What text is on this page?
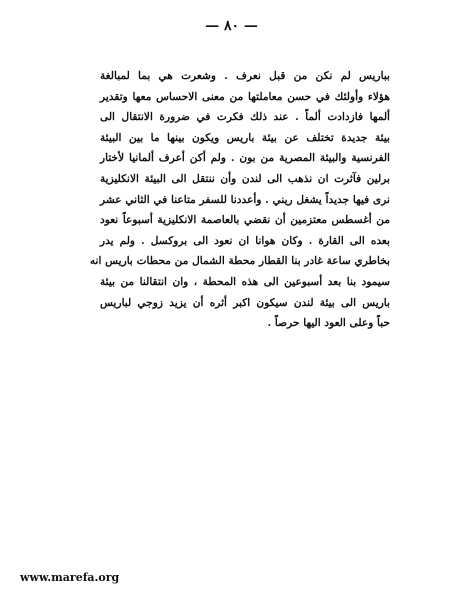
— ٨٠ —
بباريس لم نكن من قبل نعرف . وشعرت هي بما لمبالغة
هؤلاء وأولئك في حسن معاملتها من معنى الاحساس معها وتقدير
ألمها فازدادت ألماً . عند ذلك فكرت في ضرورة الانتقال الى
بيئة جديدة تختلف عن بيئة باريس ويكون بينها ما بين البيئة
الفرنسية والبيئة المصرية من بون . ولم أكن أعرف ألمانيا لأختار
برلين فآثرت ان نذهب الى لندن وأن ننتقل الى البيئة الانكليزية
نرى فيها جديداً يشغل ريني . وأعددنا للسفر متاعنا في الثاني عشر
من أغسطس معتزمين أن نقضي بالعاصمة الانكليزية أسبوعاً نعود
بعده الى القارة . وكان هوانا ان نعود الى بروكسل . ولم يدر
بخاطري ساعة غادر بنا القطار محطة الشمال من محطات باريس انه
سيمود بنا بعد أسبوعين الى هذه المحطة ، وان انتقالنا من بيئة
باريس الى بيئة لندن سيكون اكبر أثره أن يزيد زوجي لباريس
حباً وعلى العود اليها حرصاً .
www.marefa.org
